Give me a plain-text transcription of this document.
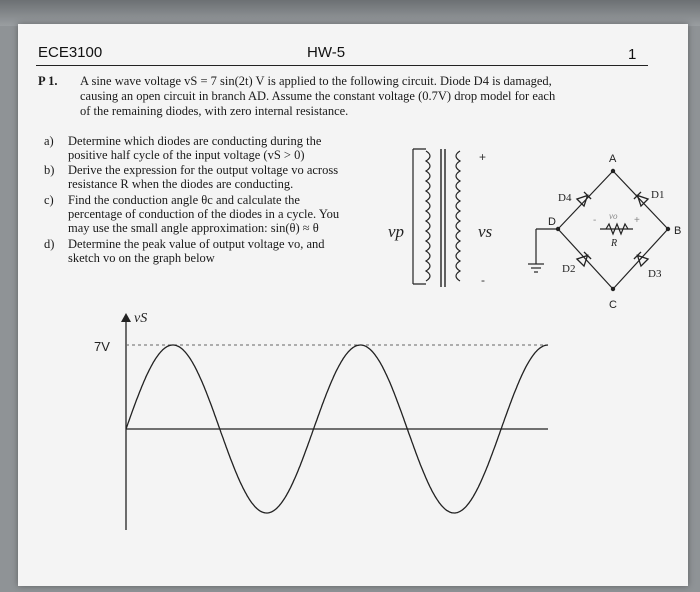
ECE3100	HW-5	1
P 1. A sine wave voltage vS = 7 sin(2t) V is applied to the following circuit. Diode D4 is damaged,
causing an open circuit in branch AD. Assume the constant voltage (0.7V) drop model for each
of the remaining diodes, with zero internal resistance.
a) Determine which diodes are conducting during the
positive half cycle of the input voltage (vS > 0)
b) Derive the expression for the output voltage vo across
resistance R when the diodes are conducting.
c) Find the conduction angle θc and calculate the
percentage of conduction of the diodes in a cycle. You
may use the small angle approximation: sin(θ) ≈ θ
d) Determine the peak value of output voltage vo, and
sketch vo on the graph below
vp	vs
+
-
A
B
C
D
D4	D1
D2	D3
vo
R
+
-
vS
7V
